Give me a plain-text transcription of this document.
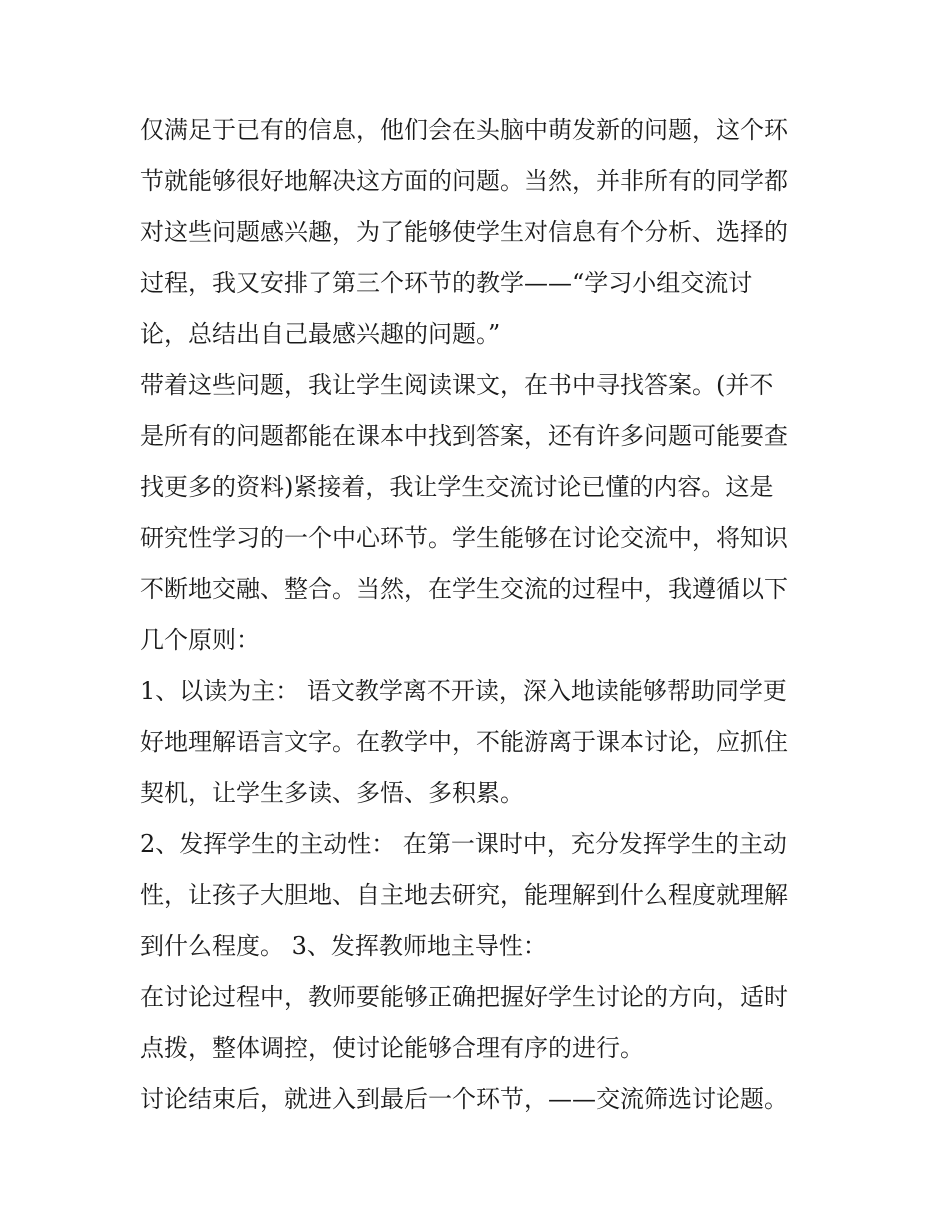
仅满足于已有的信息，他们会在头脑中萌发新的问题，这个环
节就能够很好地解决这方面的问题。当然，并非所有的同学都
对这些问题感兴趣，为了能够使学生对信息有个分析、选择的
过程，我又安排了第三个环节的教学——“学习小组交流讨
论，总结出自己最感兴趣的问题。”
带着这些问题，我让学生阅读课文，在书中寻找答案。(并不
是所有的问题都能在课本中找到答案，还有许多问题可能要查
找更多的资料)紧接着，我让学生交流讨论已懂的内容。这是
研究性学习的一个中心环节。学生能够在讨论交流中，将知识
不断地交融、整合。当然，在学生交流的过程中，我遵循以下
几个原则：
1、以读为主： 语文教学离不开读，深入地读能够帮助同学更
好地理解语言文字。在教学中，不能游离于课本讨论，应抓住
契机，让学生多读、多悟、多积累。
2、发挥学生的主动性： 在第一课时中，充分发挥学生的主动
性，让孩子大胆地、自主地去研究，能理解到什么程度就理解
到什么程度。 3、发挥教师地主导性：
在讨论过程中，教师要能够正确把握好学生讨论的方向，适时
点拨，整体调控，使讨论能够合理有序的进行。
讨论结束后，就进入到最后一个环节，——交流筛选讨论题。
